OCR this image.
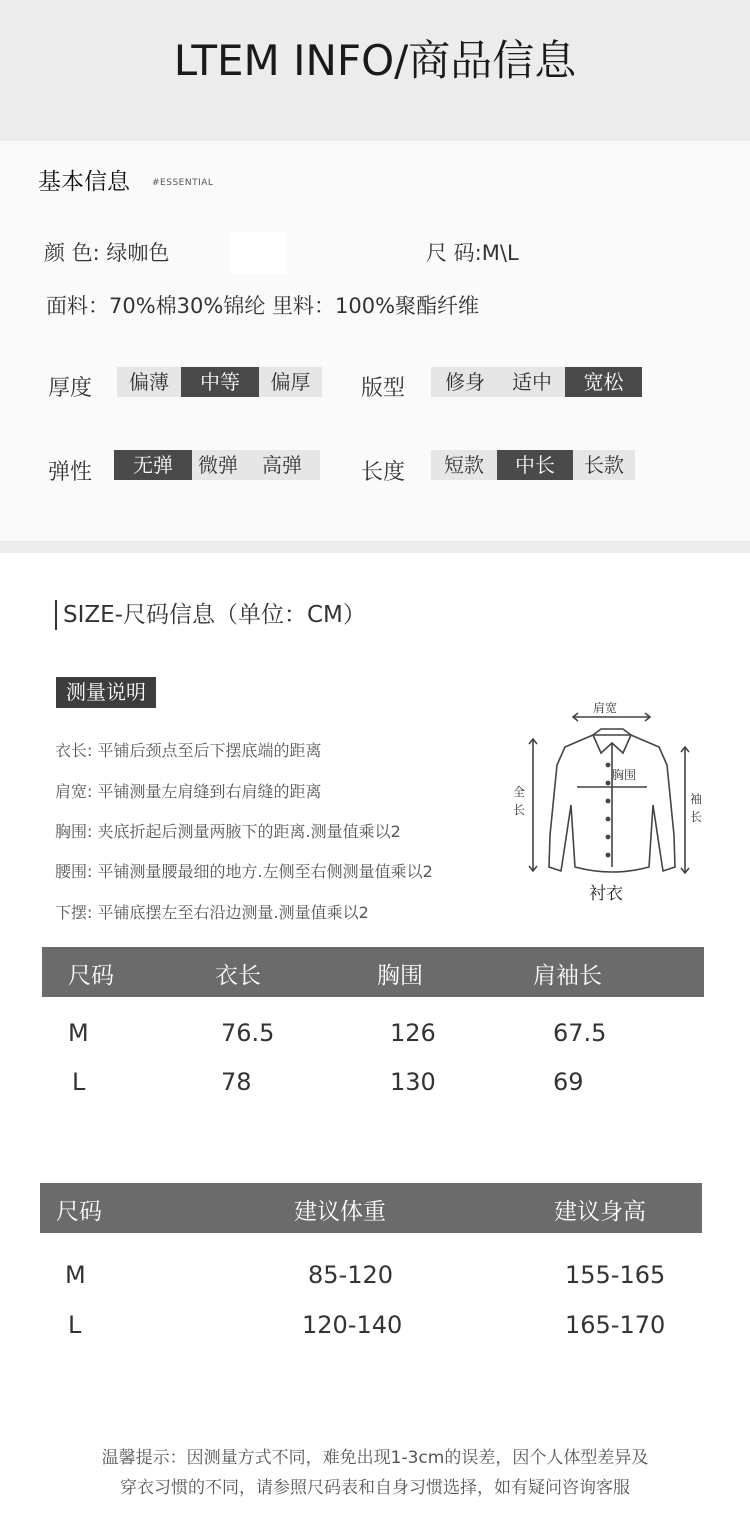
LTEM INFO/商品信息
基本信息 #ESSENTIAL
颜 色: 绿咖色	尺 码:M\L
面料：70%棉30%锦纶 里料：100%聚酯纤维
厚度	偏薄	中等	偏厚	版型	修身	适中	宽松
弹性	无弹	微弹	高弹	长度	短款	中长	长款
SIZE-尺码信息（单位：CM）
测量说明
衣长: 平铺后颈点至后下摆底端的距离
肩宽: 平铺测量左肩缝到右肩缝的距离
胸围: 夹底折起后测量两腋下的距离.测量值乘以2
腰围: 平铺测量腰最细的地方.左侧至右侧测量值乘以2
下摆: 平铺底摆左至右沿边测量.测量值乘以2
肩宽
胸围
全
长
袖
长
衬衣
尺码	衣长	胸围	肩袖长
M	76.5	126	67.5
L	78	130	69
尺码	建议体重	建议身高
M	85-120	155-165
L	120-140	165-170
温馨提示：因测量方式不同，难免出现1-3cm的误差，因个人体型差异及
穿衣习惯的不同，请参照尺码表和自身习惯选择，如有疑问咨询客服
